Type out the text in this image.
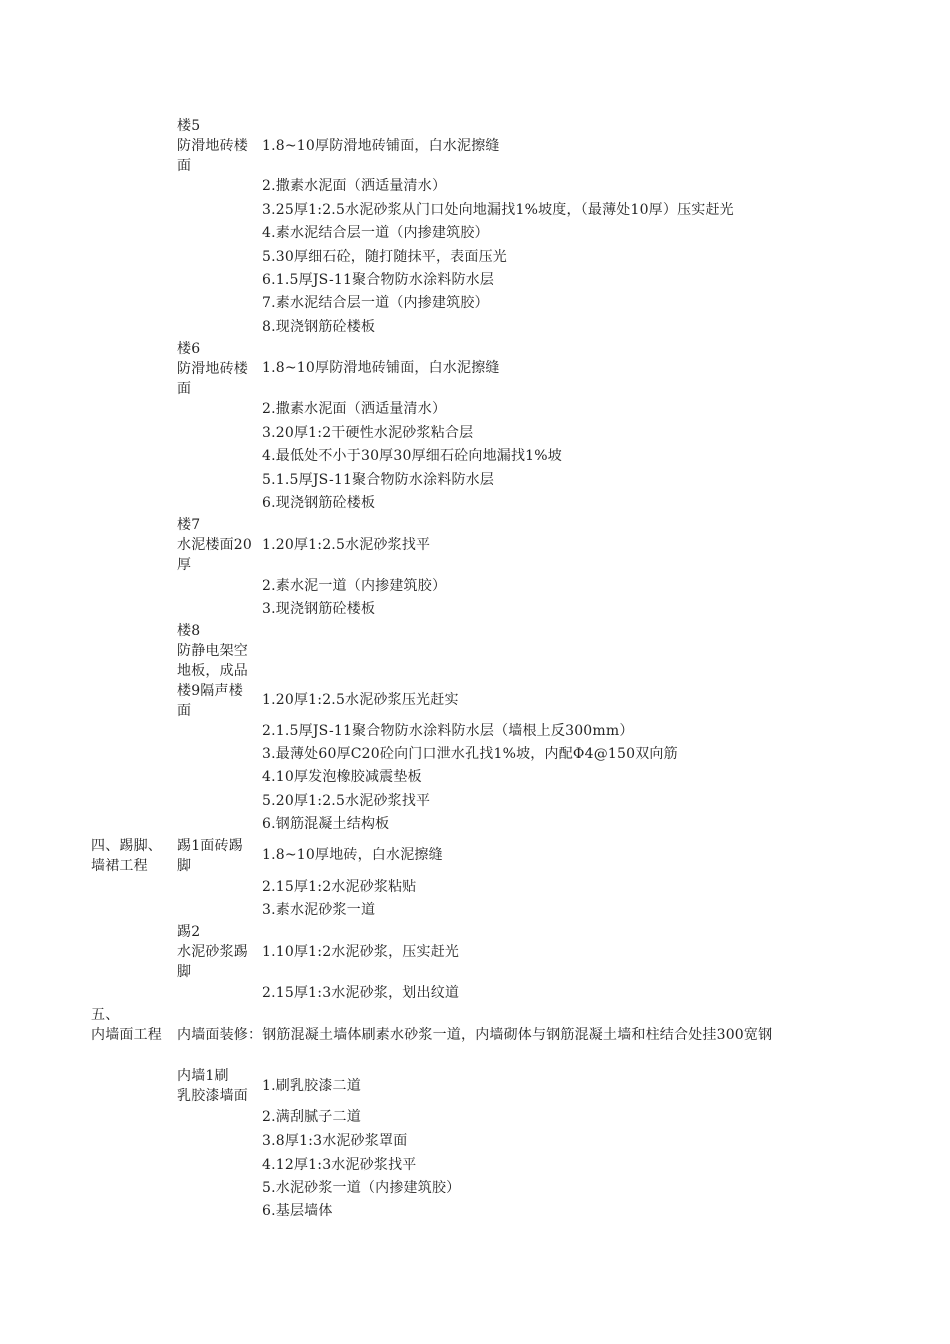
楼5
防滑地砖楼
面
1.8~10厚防滑地砖铺面，白水泥擦缝
2.撒素水泥面（洒适量清水）
3.25厚1:2.5水泥砂浆从门口处向地漏找1%坡度，（最薄处10厚）压实赶光
4.素水泥结合层一道（内掺建筑胶）
5.30厚细石砼，随打随抹平，表面压光
6.1.5厚JS-11聚合物防水涂料防水层
7.素水泥结合层一道（内掺建筑胶）
8.现浇钢筋砼楼板
楼6
防滑地砖楼
面
1.8~10厚防滑地砖铺面，白水泥擦缝
2.撒素水泥面（洒适量清水）
3.20厚1:2干硬性水泥砂浆粘合层
4.最低处不小于30厚30厚细石砼向地漏找1%坡
5.1.5厚JS-11聚合物防水涂料防水层
6.现浇钢筋砼楼板
楼7
水泥楼面20
厚
1.20厚1:2.5水泥砂浆找平
2.素水泥一道（内掺建筑胶）
3.现浇钢筋砼楼板
楼8
防静电架空
地板，成品
楼9隔声楼
面
1.20厚1:2.5水泥砂浆压光赶实
2.1.5厚JS-11聚合物防水涂料防水层（墙根上反300mm）
3.最薄处60厚C20砼向门口泄水孔找1%坡，内配Φ4@150双向筋
4.10厚发泡橡胶减震垫板
5.20厚1:2.5水泥砂浆找平
6.钢筋混凝土结构板
四、踢脚、
墙裙工程
踢1面砖踢
脚
1.8~10厚地砖，白水泥擦缝
2.15厚1:2水泥砂浆粘贴
3.素水泥砂浆一道
踢2
水泥砂浆踢
脚
1.10厚1:2水泥砂浆，压实赶光
2.15厚1:3水泥砂浆，划出纹道
五、
内墙面工程 内墙面装修：钢筋混凝土墙体刷素水砂浆一道，内墙砌体与钢筋混凝土墙和柱结合处挂300宽钢
内墙1刷
乳胶漆墙面
1.刷乳胶漆二道
2.满刮腻子二道
3.8厚1:3水泥砂浆罩面
4.12厚1:3水泥砂浆找平
5.水泥砂浆一道（内掺建筑胶）
6.基层墙体
